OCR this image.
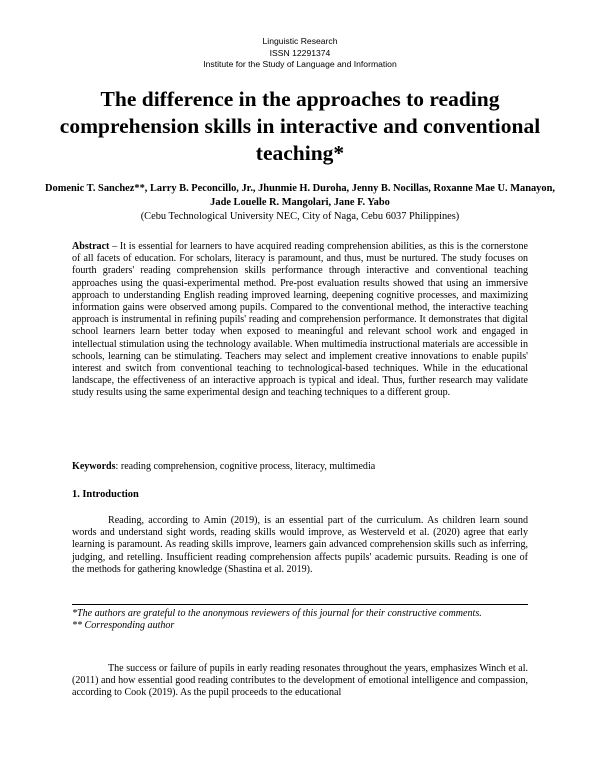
Linguistic Research
ISSN 12291374
Institute for the Study of Language and Information
The difference in the approaches to reading comprehension skills in interactive and conventional teaching*
Domenic T. Sanchez**, Larry B. Peconcillo, Jr., Jhunmie H. Duroha, Jenny B. Nocillas, Roxanne Mae U. Manayon, Jade Louelle R. Mangolari, Jane F. Yabo
(Cebu Technological University NEC, City of Naga, Cebu 6037 Philippines)
Abstract – It is essential for learners to have acquired reading comprehension abilities, as this is the cornerstone of all facets of education. For scholars, literacy is paramount, and thus, must be nurtured. The study focuses on fourth graders' reading comprehension skills performance through interactive and conventional teaching approaches using the quasi-experimental method. Pre-post evaluation results showed that using an immersive approach to understanding English reading improved learning, deepening cognitive processes, and maximizing information gains were observed among pupils. Compared to the conventional method, the interactive teaching approach is instrumental in refining pupils' reading and comprehension performance. It demonstrates that digital school learners learn better today when exposed to meaningful and relevant school work and engaged in intellectual stimulation using the technology available. When multimedia instructional materials are accessible in schools, learning can be stimulating. Teachers may select and implement creative innovations to enable pupils' interest and switch from conventional teaching to technological-based techniques. While in the educational landscape, the effectiveness of an interactive approach is typical and ideal. Thus, further research may validate study results using the same experimental design and teaching techniques to a different group.
Keywords: reading comprehension, cognitive process, literacy, multimedia
1. Introduction
Reading, according to Amin (2019), is an essential part of the curriculum. As children learn sound words and understand sight words, reading skills would improve, as Westerveld et al. (2020) agree that early learning is paramount. As reading skills improve, learners gain advanced comprehension skills such as inferring, judging, and retelling. Insufficient reading comprehension affects pupils' academic pursuits. Reading is one of the methods for gathering knowledge (Shastina et al. 2019).
*The authors are grateful to the anonymous reviewers of this journal for their constructive comments.
** Corresponding author
The success or failure of pupils in early reading resonates throughout the years, emphasizes Winch et al. (2011) and how essential good reading contributes to the development of emotional intelligence and compassion, according to Cook (2019). As the pupil proceeds to the educational
